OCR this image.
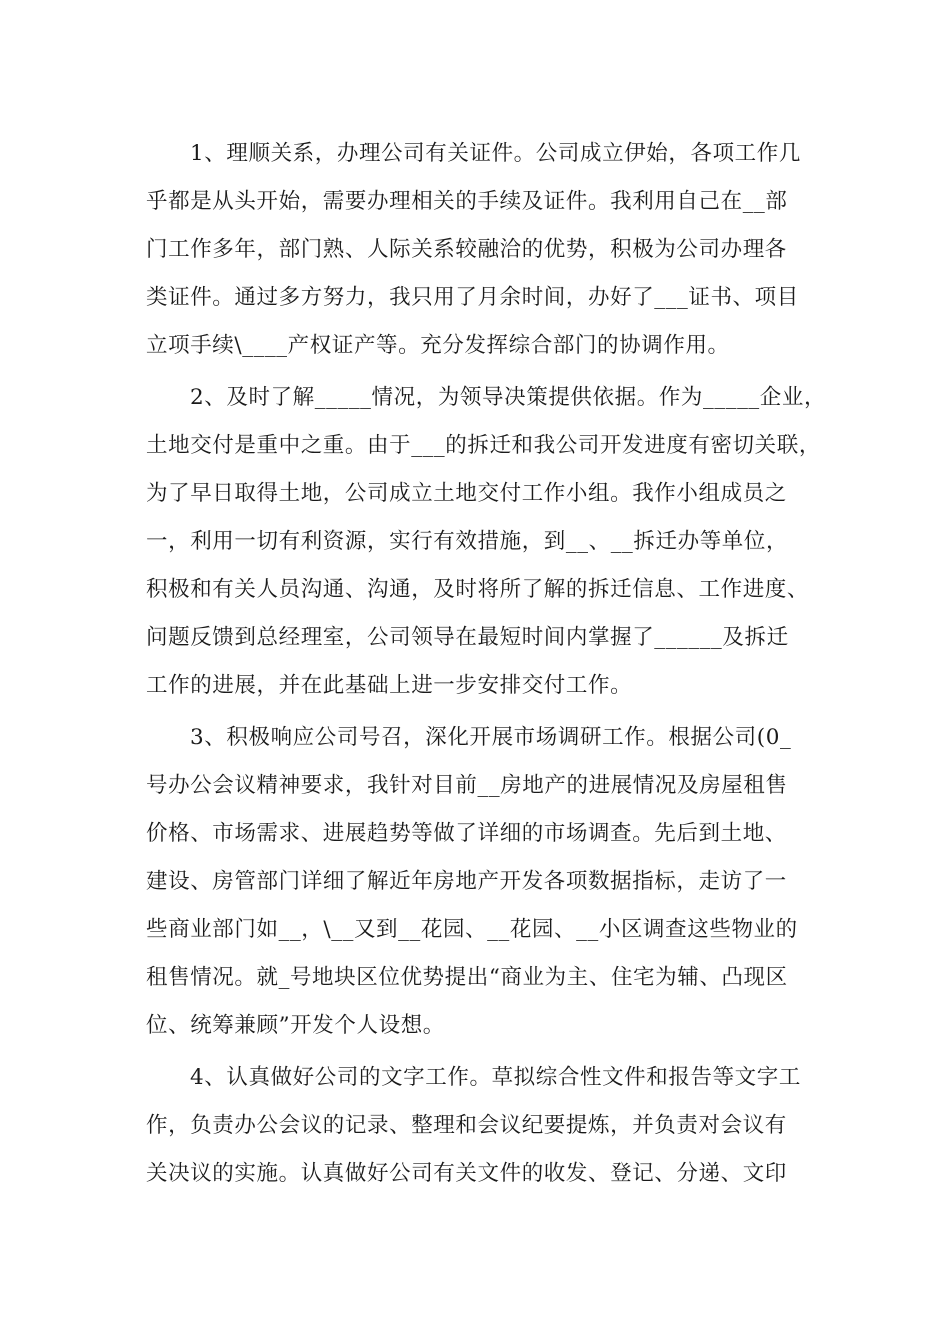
1、理顺关系，办理公司有关证件。公司成立伊始，各项工作几

乎都是从头开始，需要办理相关的手续及证件。我利用自己在__部

门工作多年，部门熟、人际关系较融洽的优势，积极为公司办理各

类证件。通过多方努力，我只用了月余时间，办好了___证书、项目

立项手续\____产权证产等。充分发挥综合部门的协调作用。

2、及时了解_____情况，为领导决策提供依据。作为_____企业，

土地交付是重中之重。由于___的拆迁和我公司开发进度有密切关联，

为了早日取得土地，公司成立土地交付工作小组。我作小组成员之

一，利用一切有利资源，实行有效措施，到__、__拆迁办等单位，

积极和有关人员沟通、沟通，及时将所了解的拆迁信息、工作进度、

问题反馈到总经理室，公司领导在最短时间内掌握了______及拆迁

工作的进展，并在此基础上进一步安排交付工作。

3、积极响应公司号召，深化开展市场调研工作。根据公司(0_

号办公会议精神要求，我针对目前__房地产的进展情况及房屋租售

价格、市场需求、进展趋势等做了详细的市场调查。先后到土地、

建设、房管部门详细了解近年房地产开发各项数据指标，走访了一

些商业部门如__，\__又到__花园、__花园、__小区调查这些物业的

租售情况。就_号地块区位优势提出“商业为主、住宅为辅、凸现区

位、统筹兼顾”开发个人设想。

4、认真做好公司的文字工作。草拟综合性文件和报告等文字工

作，负责办公会议的记录、整理和会议纪要提炼，并负责对会议有

关决议的实施。认真做好公司有关文件的收发、登记、分递、文印
